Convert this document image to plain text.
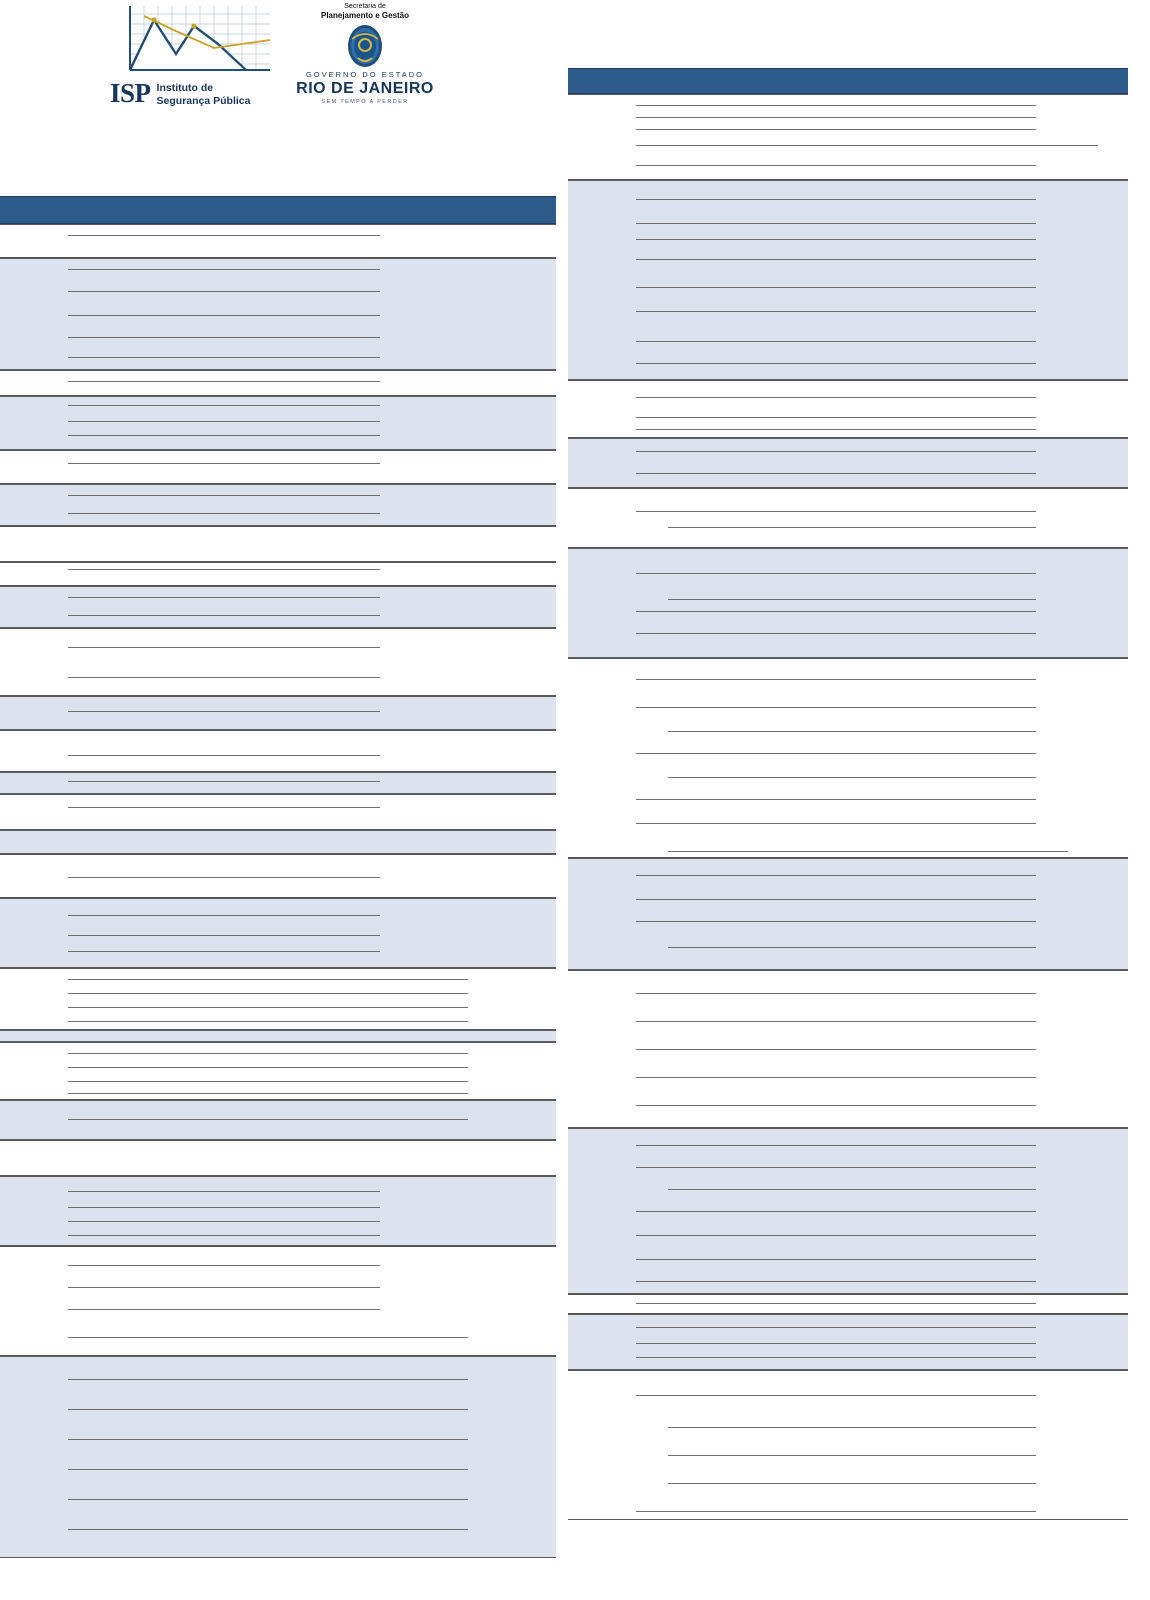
ISP Instituto de
Segurança Pública
Secretaria de
Planejamento e Gestão
GOVERNO DO ESTADO
RIO DE JANEIRO
SEM TEMPO A PERDER
